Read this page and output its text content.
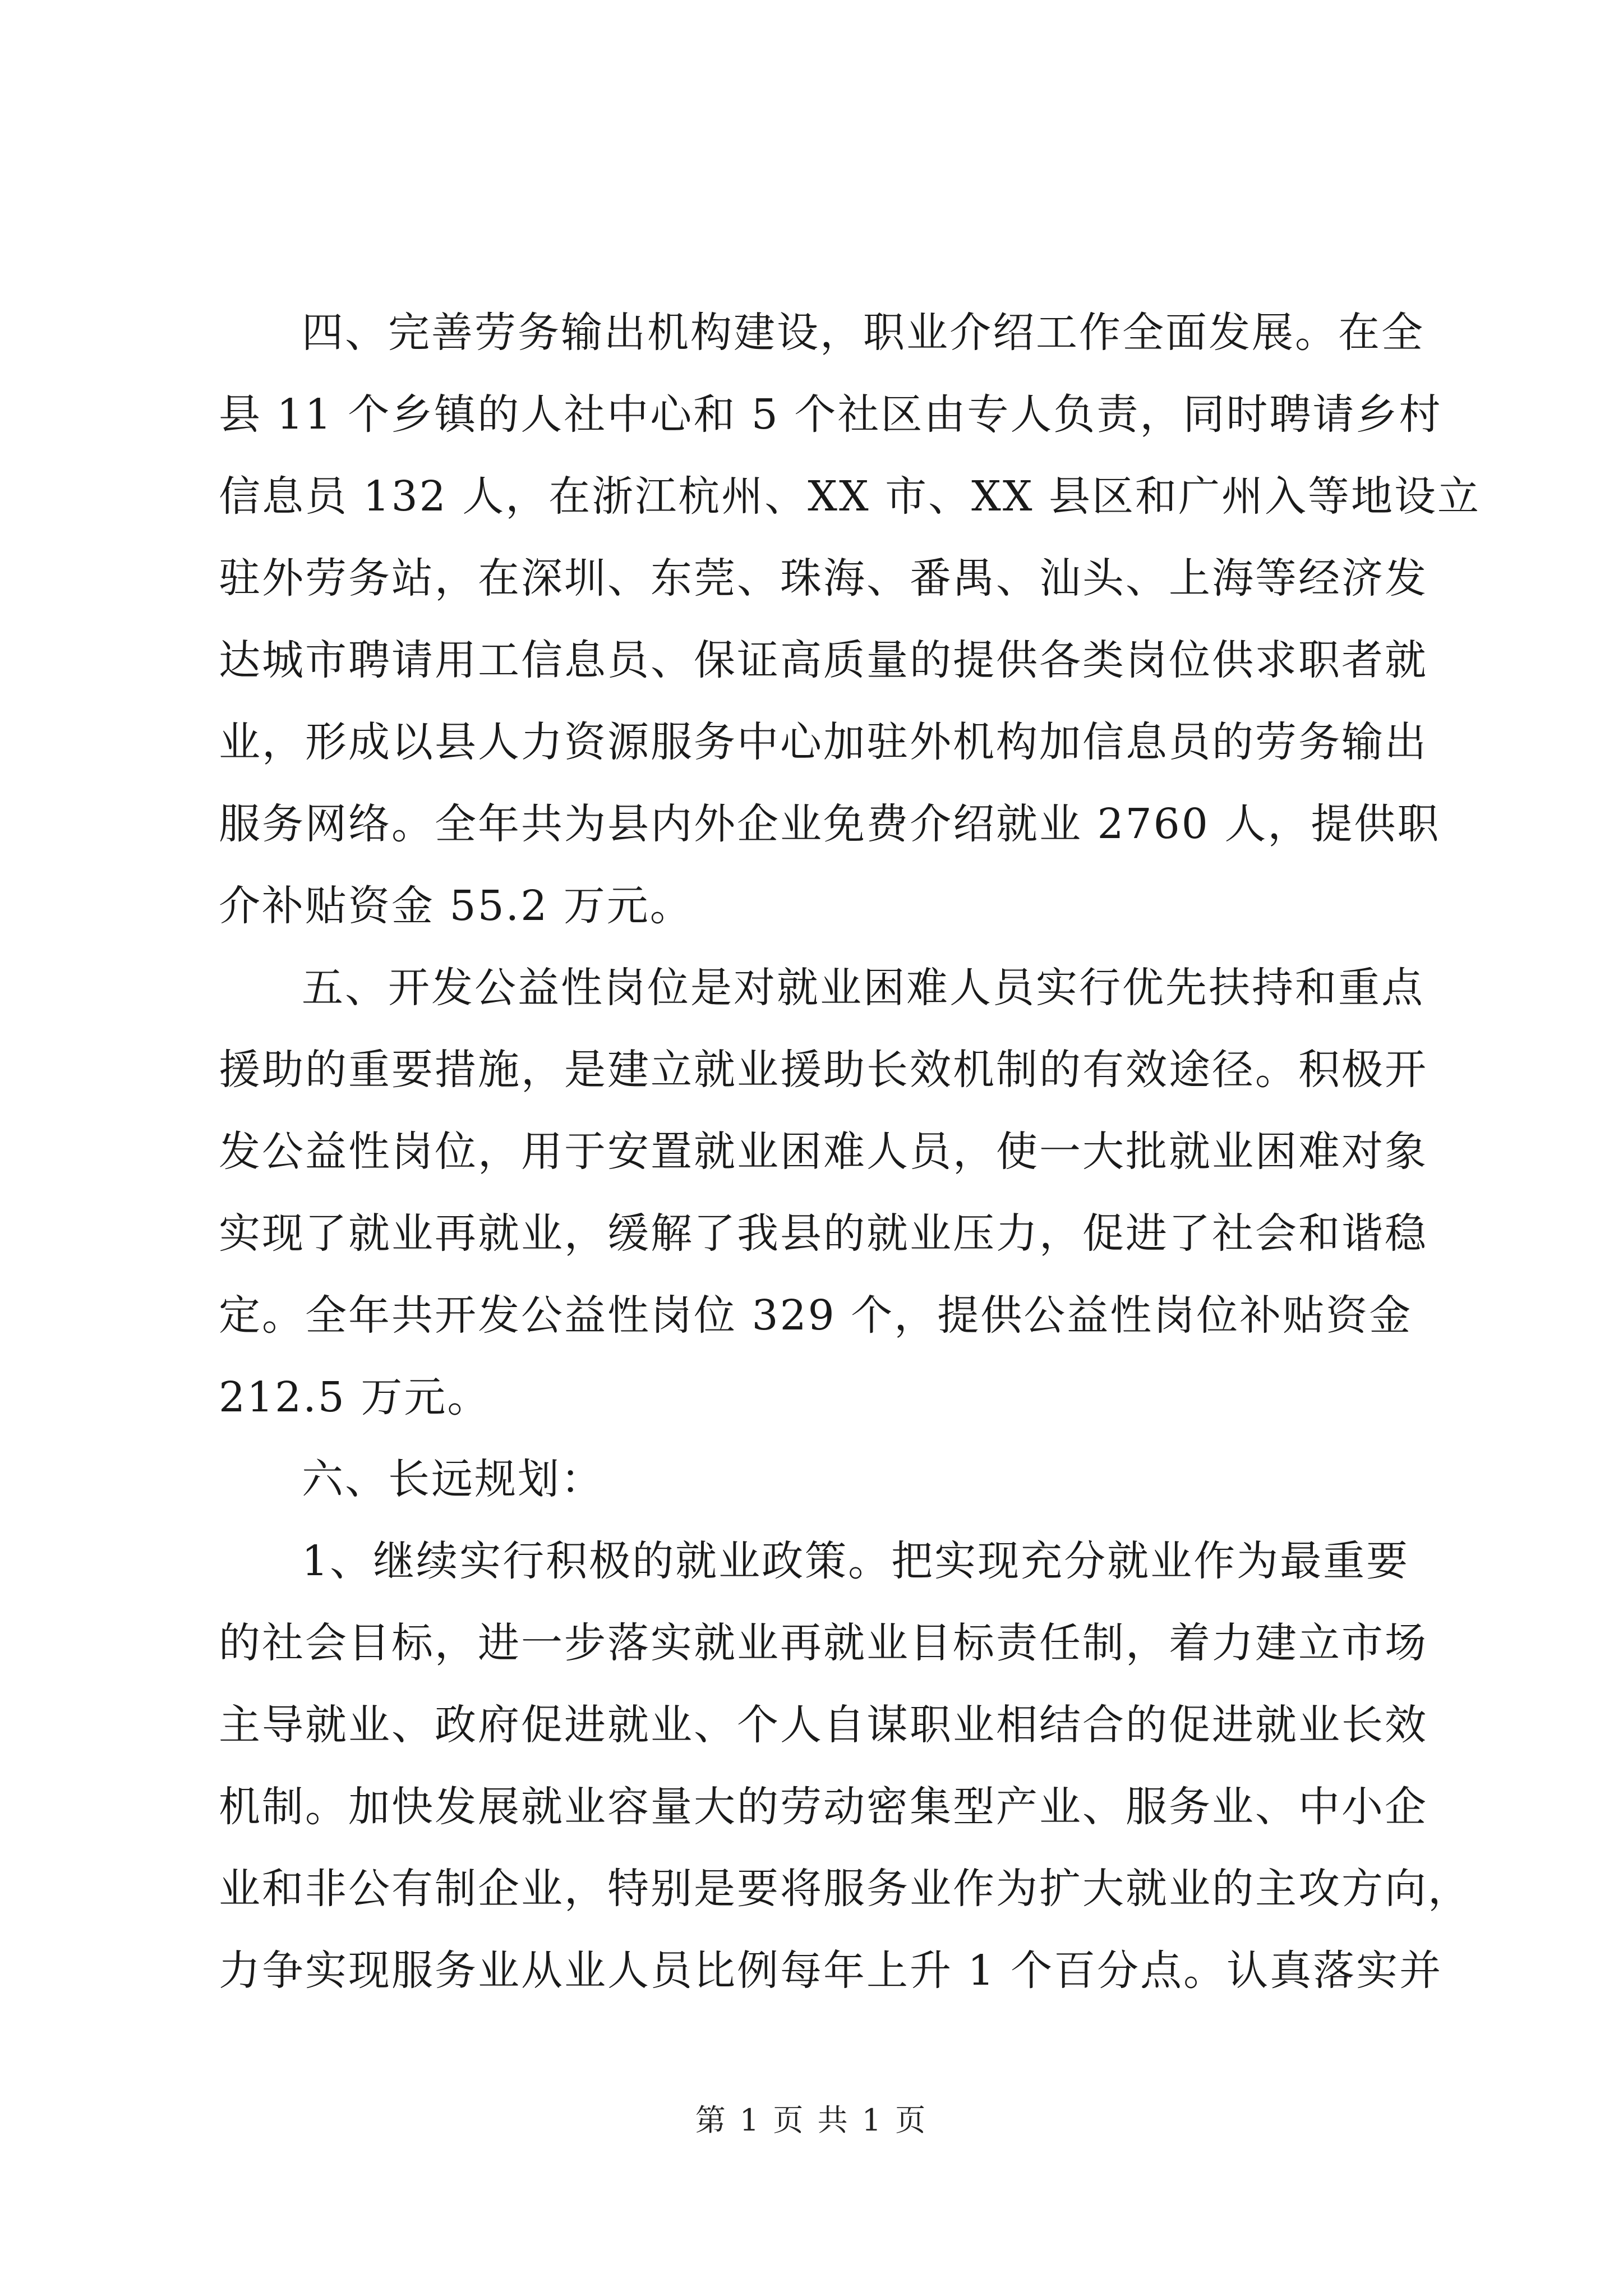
四、完善劳务输出机构建设，职业介绍工作全面发展。在全
县 11 个乡镇的人社中心和 5 个社区由专人负责，同时聘请乡村
信息员 132 人，在浙江杭州、XX 市、XX 县区和广州入等地设立
驻外劳务站，在深圳、东莞、珠海、番禺、汕头、上海等经济发
达城市聘请用工信息员、保证高质量的提供各类岗位供求职者就
业，形成以县人力资源服务中心加驻外机构加信息员的劳务输出
服务网络。全年共为县内外企业免费介绍就业 2760 人，提供职
介补贴资金 55.2 万元。
五、开发公益性岗位是对就业困难人员实行优先扶持和重点
援助的重要措施，是建立就业援助长效机制的有效途径。积极开
发公益性岗位，用于安置就业困难人员，使一大批就业困难对象
实现了就业再就业，缓解了我县的就业压力，促进了社会和谐稳
定。全年共开发公益性岗位 329 个，提供公益性岗位补贴资金
212.5 万元。
六、长远规划：
1、继续实行积极的就业政策。把实现充分就业作为最重要
的社会目标，进一步落实就业再就业目标责任制，着力建立市场
主导就业、政府促进就业、个人自谋职业相结合的促进就业长效
机制。加快发展就业容量大的劳动密集型产业、服务业、中小企
业和非公有制企业，特别是要将服务业作为扩大就业的主攻方向，
力争实现服务业从业人员比例每年上升 1 个百分点。认真落实并
第 1 页 共 1 页
